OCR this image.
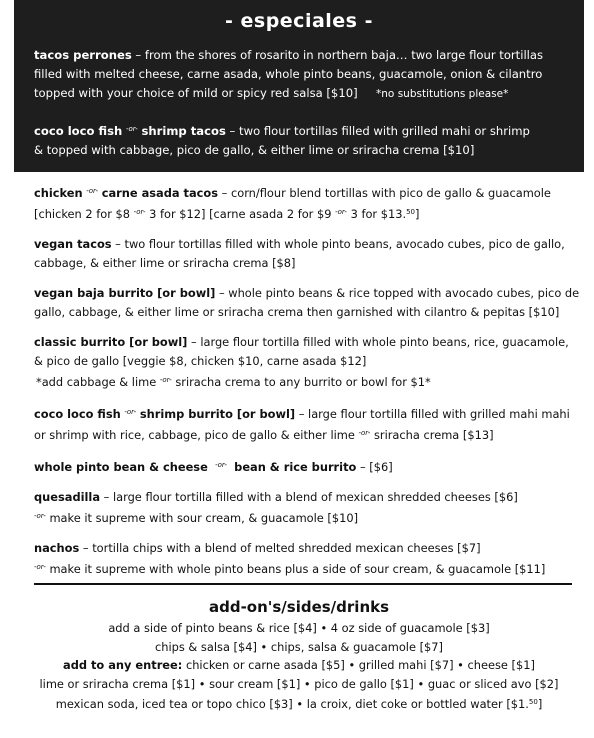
- especiales -
tacos perrones – from the shores of rosarito in northern baja… two large flour tortillas
filled with melted cheese, carne asada, whole pinto beans, guacamole, onion & cilantro
topped with your choice of mild or spicy red salsa [$10] *no substitutions please*
coco loco fish $^{-or-}$ shrimp tacos – two flour tortillas filled with grilled mahi or shrimp
& topped with cabbage, pico de gallo, & either lime or sriracha crema [$10]
chicken $^{-or-}$ carne asada tacos – corn/flour blend tortillas with pico de gallo & guacamole
[chicken 2 for $8 $^{-or-}$ 3 for $12] [carne asada 2 for $9 $^{-or-}$ 3 for $13.50]
vegan tacos – two flour tortillas filled with whole pinto beans, avocado cubes, pico de gallo,
cabbage, & either lime or sriracha crema [$8]
vegan baja burrito [or bowl] – whole pinto beans & rice topped with avocado cubes, pico de
gallo, cabbage, & either lime or sriracha crema then garnished with cilantro & pepitas [$10]
classic burrito [or bowl] – large flour tortilla filled with whole pinto beans, rice, guacamole,
& pico de gallo [veggie $8, chicken $10, carne asada $12]
*add cabbage & lime $^{-or-}$ sriracha crema to any burrito or bowl for $1*
coco loco fish $^{-or-}$ shrimp burrito [or bowl] – large flour tortilla filled with grilled mahi mahi
or shrimp with rice, cabbage, pico de gallo & either lime $^{-or-}$ sriracha crema [$13]
whole pinto bean & cheese $^{-or-}$ bean & rice burrito – [$6]
quesadilla – large flour tortilla filled with a blend of mexican shredded cheeses [$6]
$^{-or-}$ make it supreme with sour cream, & guacamole [$10]
nachos – tortilla chips with a blend of melted shredded mexican cheeses [$7]
$^{-or-}$ make it supreme with whole pinto beans plus a side of sour cream, & guacamole [$11]
add-on's/sides/drinks
add a side of pinto beans & rice [$4] • 4 oz side of guacamole [$3]
chips & salsa [$4] • chips, salsa & guacamole [$7]
add to any entree: chicken or carne asada [$5] • grilled mahi [$7] • cheese [$1]
lime or sriracha crema [$1] • sour cream [$1] • pico de gallo [$1] • guac or sliced avo [$2]
mexican soda, iced tea or topo chico [$3] • la croix, diet coke or bottled water [$1.50]
